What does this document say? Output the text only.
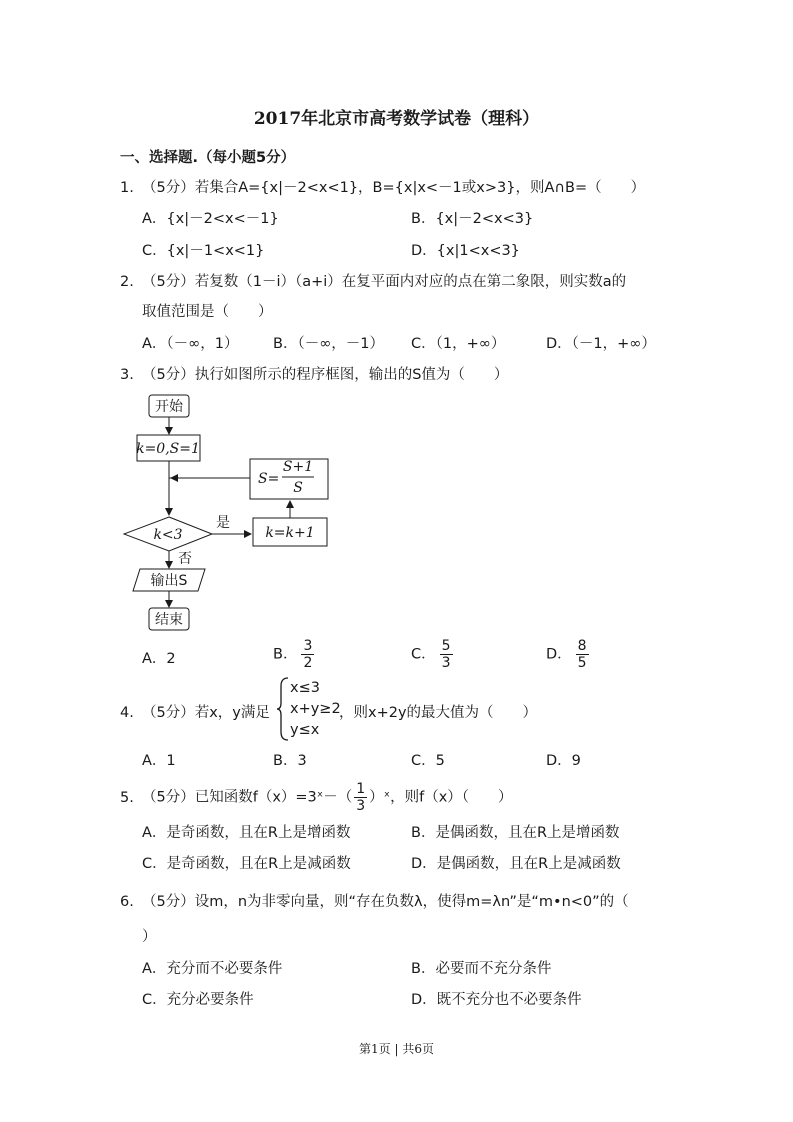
2017年北京市高考数学试卷（理科）
一、选择题.（每小题5分）
1. （5分）若集合A={x|－2<x<1}，B={x|x<－1或x>3}，则A∩B=（　　）
A．{x|－2<x<－1}	B．{x|－2<x<3}
C．{x|－1<x<1}	D．{x|1<x<3}
2. （5分）若复数（1－i）（a+i）在复平面内对应的点在第二象限，则实数a的
取值范围是（　　）
A．（－∞，1） B．（－∞，－1） C．（1，+∞）	D．（－1，+∞）
3. （5分）执行如图所示的程序框图，输出的S值为（　　）
开始
k=0,S=1
S=
S+1
S
k<3
是
k=k+1
否
输出S
结束
A．2	B． $\frac{3}{2}$	C． $\frac{5}{3}$	D． $\frac{8}{5}$
4. （5分）若x，y满足
x≤3
x+y≥2
y≤x
，则x+2y的最大值为（　　）
A．1	B．3	C．5	D．9
5. （5分）已知函数f（x）=3ˣ－（ $\frac{1}{3}$ ）ˣ，则f（x）（　　）
A．是奇函数，且在R上是增函数	B．是偶函数，且在R上是增函数
C．是奇函数，且在R上是减函数	D．是偶函数，且在R上是减函数
6. （5分）设m，n为非零向量，则“存在负数λ，使得m=λn”是“m•n<0”的（
）
A．充分而不必要条件	B．必要而不充分条件
C．充分必要条件	D．既不充分也不必要条件
第1页 | 共6页
